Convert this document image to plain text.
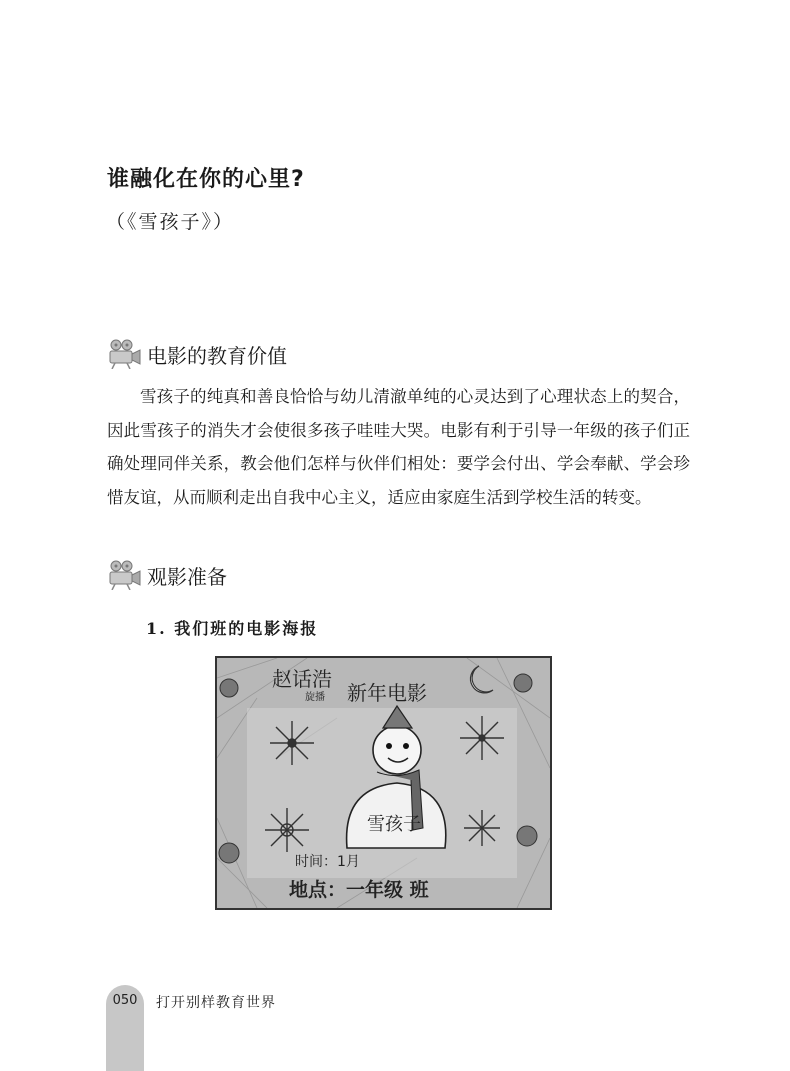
谁融化在你的心里?
（《雪孩子》）
电影的教育价值

雪孩子的纯真和善良恰恰与幼儿清澈单纯的心灵达到了心理状态上的契合，因此雪孩子的消失才会使很多孩子哇哇大哭。电影有利于引导一年级的孩子们正确处理同伴关系，教会他们怎样与伙伴们相处：要学会付出、学会奉献、学会珍惜友谊，从而顺利走出自我中心主义，适应由家庭生活到学校生活的转变。

观影准备
1. 我们班的电影海报
赵话浩
旋播 新年电影
雪孩子
时间：1月
地点：一年级 班
050	打开别样教育世界
